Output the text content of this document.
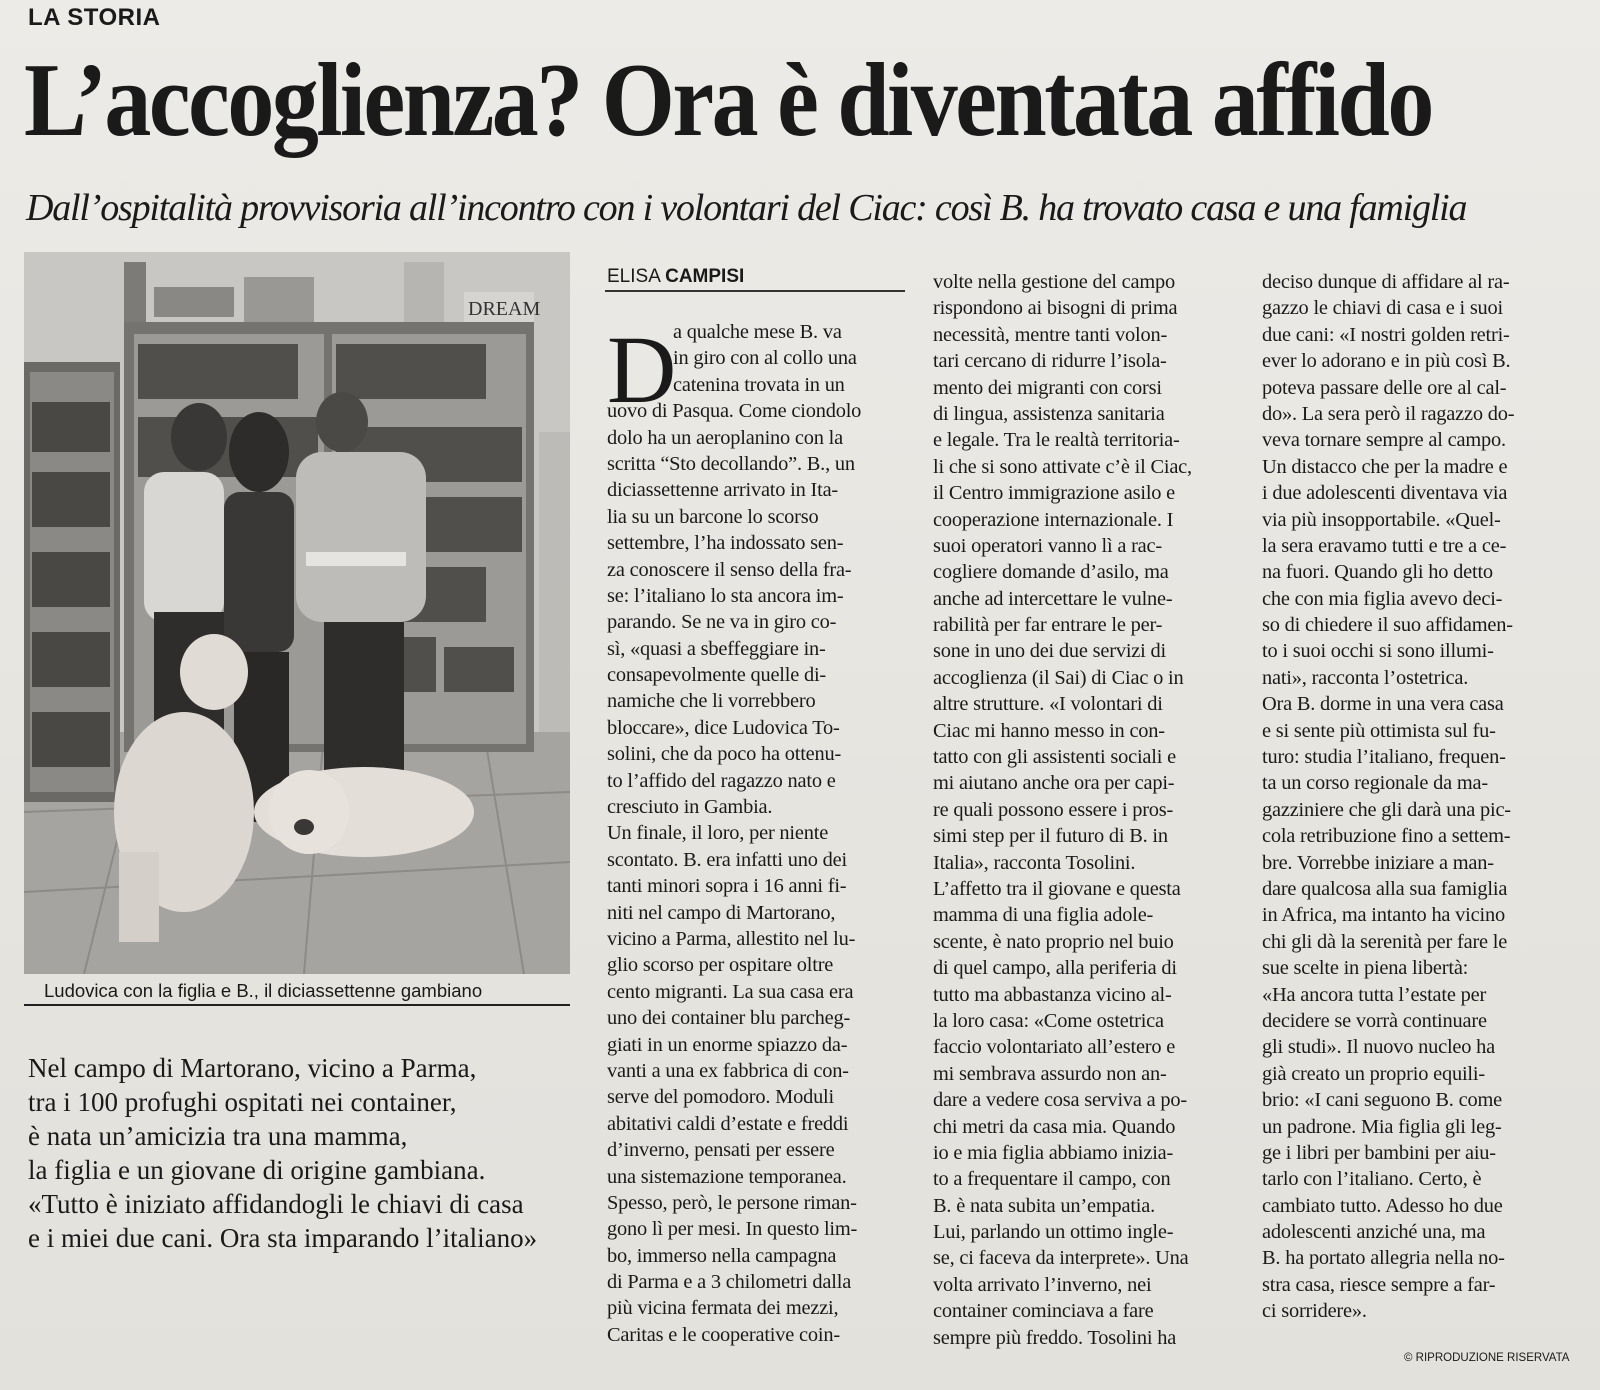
LA STORIA
L’accoglienza? Ora è diventata affido
Dall’ospitalità provvisoria all’incontro con i volontari del Ciac: così B. ha trovato casa e una famiglia
DREAM
Ludovica con la figlia e B., il diciassettenne gambiano
Nel campo di Martorano, vicino a Parma,
tra i 100 profughi ospitati nei container,
è nata un’amicizia tra una mamma,
la figlia e un giovane di origine gambiana.
«Tutto è iniziato affidandogli le chiavi di casa
e i miei due cani. Ora sta imparando l’italiano»
ELISA CAMPISI
D
a qualche mese B. va
in giro con al collo una
catenina trovata in un
uovo di Pasqua. Come ciondolo
dolo ha un aeroplanino con la
scritta “Sto decollando”. B., un
diciassettenne arrivato in Ita-
lia su un barcone lo scorso
settembre, l’ha indossato sen-
za conoscere il senso della fra-
se: l’italiano lo sta ancora im-
parando. Se ne va in giro co-
sì, «quasi a sbeffeggiare in-
consapevolmente quelle di-
namiche che li vorrebbero
bloccare», dice Ludovica To-
solini, che da poco ha ottenu-
to l’affido del ragazzo nato e
cresciuto in Gambia.
Un finale, il loro, per niente
scontato. B. era infatti uno dei
tanti minori sopra i 16 anni fi-
niti nel campo di Martorano,
vicino a Parma, allestito nel lu-
glio scorso per ospitare oltre
cento migranti. La sua casa era
uno dei container blu parcheg-
giati in un enorme spiazzo da-
vanti a una ex fabbrica di con-
serve del pomodoro. Moduli
abitativi caldi d’estate e freddi
d’inverno, pensati per essere
una sistemazione temporanea.
Spesso, però, le persone riman-
gono lì per mesi. In questo lim-
bo, immerso nella campagna
di Parma e a 3 chilometri dalla
più vicina fermata dei mezzi,
Caritas e le cooperative coin-
volte nella gestione del campo
rispondono ai bisogni di prima
necessità, mentre tanti volon-
tari cercano di ridurre l’isola-
mento dei migranti con corsi
di lingua, assistenza sanitaria
e legale. Tra le realtà territoria-
li che si sono attivate c’è il Ciac,
il Centro immigrazione asilo e
cooperazione internazionale. I
suoi operatori vanno lì a rac-
cogliere domande d’asilo, ma
anche ad intercettare le vulne-
rabilità per far entrare le per-
sone in uno dei due servizi di
accoglienza (il Sai) di Ciac o in
altre strutture. «I volontari di
Ciac mi hanno messo in con-
tatto con gli assistenti sociali e
mi aiutano anche ora per capi-
re quali possono essere i pros-
simi step per il futuro di B. in
Italia», racconta Tosolini.
L’affetto tra il giovane e questa
mamma di una figlia adole-
scente, è nato proprio nel buio
di quel campo, alla periferia di
tutto ma abbastanza vicino al-
la loro casa: «Come ostetrica
faccio volontariato all’estero e
mi sembrava assurdo non an-
dare a vedere cosa serviva a po-
chi metri da casa mia. Quando
io e mia figlia abbiamo inizia-
to a frequentare il campo, con
B. è nata subita un’empatia.
Lui, parlando un ottimo ingle-
se, ci faceva da interprete». Una
volta arrivato l’inverno, nei
container cominciava a fare
sempre più freddo. Tosolini ha
deciso dunque di affidare al ra-
gazzo le chiavi di casa e i suoi
due cani: «I nostri golden retri-
ever lo adorano e in più così B.
poteva passare delle ore al cal-
do». La sera però il ragazzo do-
veva tornare sempre al campo.
Un distacco che per la madre e
i due adolescenti diventava via
via più insopportabile. «Quel-
la sera eravamo tutti e tre a ce-
na fuori. Quando gli ho detto
che con mia figlia avevo deci-
so di chiedere il suo affidamen-
to i suoi occhi si sono illumi-
nati», racconta l’ostetrica.
Ora B. dorme in una vera casa
e si sente più ottimista sul fu-
turo: studia l’italiano, frequen-
ta un corso regionale da ma-
gazziniere che gli darà una pic-
cola retribuzione fino a settem-
bre. Vorrebbe iniziare a man-
dare qualcosa alla sua famiglia
in Africa, ma intanto ha vicino
chi gli dà la serenità per fare le
sue scelte in piena libertà:
«Ha ancora tutta l’estate per
decidere se vorrà continuare
gli studi». Il nuovo nucleo ha
già creato un proprio equili-
brio: «I cani seguono B. come
un padrone. Mia figlia gli leg-
ge i libri per bambini per aiu-
tarlo con l’italiano. Certo, è
cambiato tutto. Adesso ho due
adolescenti anziché una, ma
B. ha portato allegria nella no-
stra casa, riesce sempre a far-
ci sorridere».
© RIPRODUZIONE RISERVATA
